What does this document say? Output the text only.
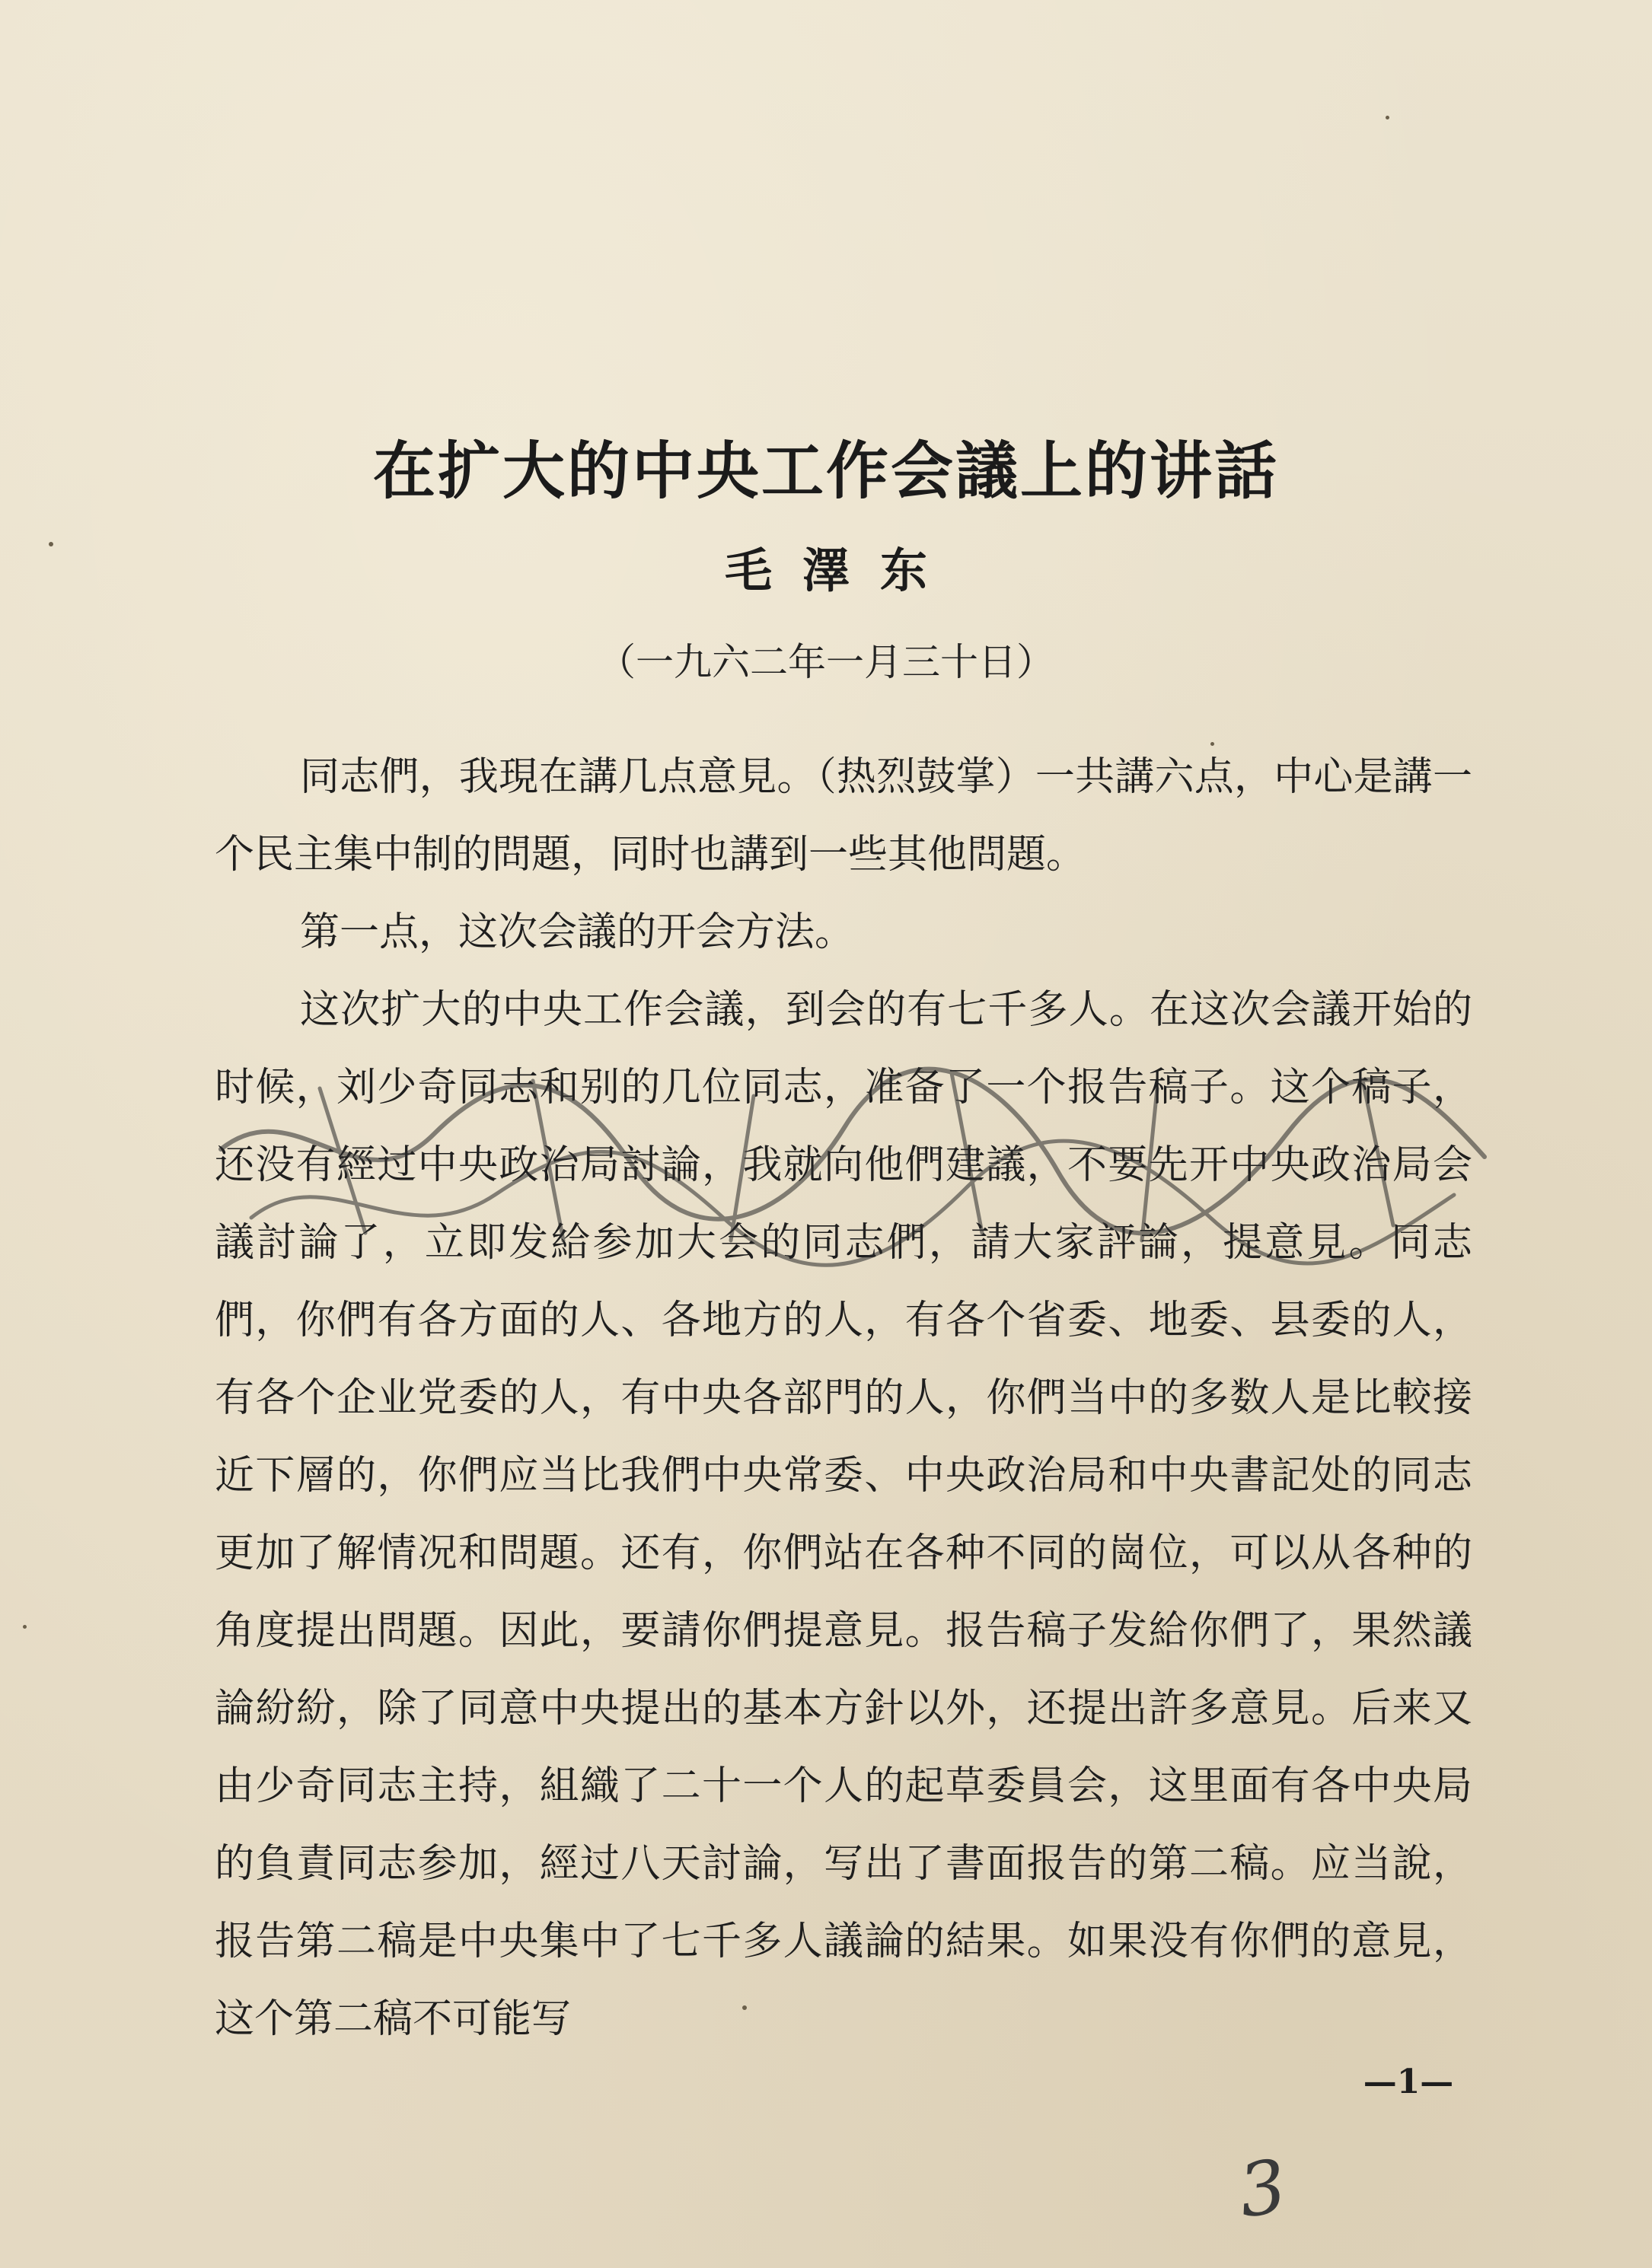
在扩大的中央工作会議上的讲話
毛澤东
（一九六二年一月三十日）

同志們，我現在講几点意見。（热烈鼓掌）一共講六点，中心是講一个民主集中制的問題，同时也講到一些其他問題。

第一点，这次会議的开会方法。

这次扩大的中央工作会議，到会的有七千多人。在这次会議开始的时候，刘少奇同志和别的几位同志，准备了一个报告稿子。这个稿子，还没有經过中央政治局討論，我就向他們建議，不要先开中央政治局会議討論了，立即发給参加大会的同志們，請大家評論，提意見。同志們，你們有各方面的人、各地方的人，有各个省委、地委、县委的人，有各个企业党委的人，有中央各部門的人，你們当中的多数人是比較接近下層的，你們应当比我們中央常委、中央政治局和中央書記处的同志更加了解情况和問題。还有，你們站在各种不同的崗位，可以从各种的角度提出問題。因此，要請你們提意見。报告稿子发給你們了，果然議論紛紛，除了同意中央提出的基本方針以外，还提出許多意見。后来又由少奇同志主持，組織了二十一个人的起草委員会，这里面有各中央局的負責同志参加，經过八天討論，写出了書面报告的第二稿。应当說，报告第二稿是中央集中了七千多人議論的結果。如果没有你們的意見，这个第二稿不可能写

—1—
3
